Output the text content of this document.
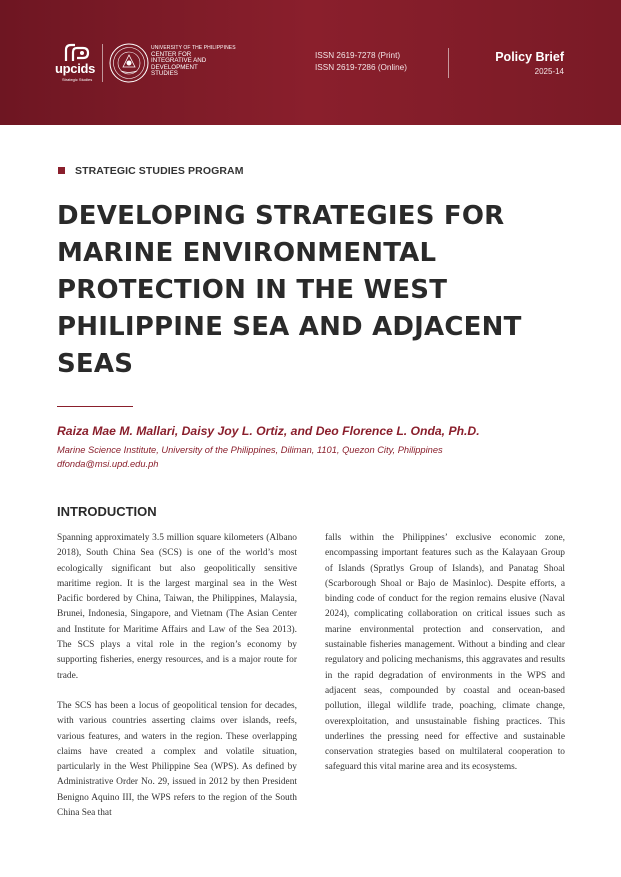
upcids
Strategic Studies
UNIVERSITY OF THE PHILIPPINES
CENTER FOR
INTEGRATIVE AND
DEVELOPMENT
STUDIES
ISSN 2619-7278 (Print)
ISSN 2619-7286 (Online)
Policy Brief
2025-14
STRATEGIC STUDIES PROGRAM
DEVELOPING STRATEGIES FOR MARINE ENVIRONMENTAL PROTECTION IN THE WEST PHILIPPINE SEA AND ADJACENT SEAS
Raiza Mae M. Mallari, Daisy Joy L. Ortiz, and Deo Florence L. Onda, Ph.D.
Marine Science Institute, University of the Philippines, Diliman, 1101, Quezon City, Philippines
dfonda@msi.upd.edu.ph
INTRODUCTION

Spanning approximately 3.5 million square kilometers (Albano 2018), South China Sea (SCS) is one of the world’s most ecologically significant but also geopolitically sensitive maritime region. It is the largest marginal sea in the West Pacific bordered by China, Taiwan, the Philippines, Malaysia, Brunei, Indonesia, Singapore, and Vietnam (The Asian Center and Institute for Maritime Affairs and Law of the Sea 2013). The SCS plays a vital role in the region’s economy by supporting fisheries, energy resources, and is a major route for trade.

The SCS has been a locus of geopolitical tension for decades, with various countries asserting claims over islands, reefs, various features, and waters in the region. These overlapping claims have created a complex and volatile situation, particularly in the West Philippine Sea (WPS). As defined by Administrative Order No. 29, issued in 2012 by then President Benigno Aquino III, the WPS refers to the region of the South China Sea that

falls within the Philippines’ exclusive economic zone, encompassing important features such as the Kalayaan Group of Islands (Spratlys Group of Islands), and Panatag Shoal (Scarborough Shoal or Bajo de Masinloc). Despite efforts, a binding code of conduct for the region remains elusive (Naval 2024), complicating collaboration on critical issues such as marine environmental protection and conservation, and sustainable fisheries management. Without a binding and clear regulatory and policing mechanisms, this aggravates and results in the rapid degradation of environments in the WPS and adjacent seas, compounded by coastal and ocean-based pollution, illegal wildlife trade, poaching, climate change, overexploitation, and unsustainable fishing practices. This underlines the pressing need for effective and sustainable conservation strategies based on multilateral cooperation to safeguard this vital marine area and its ecosystems.
